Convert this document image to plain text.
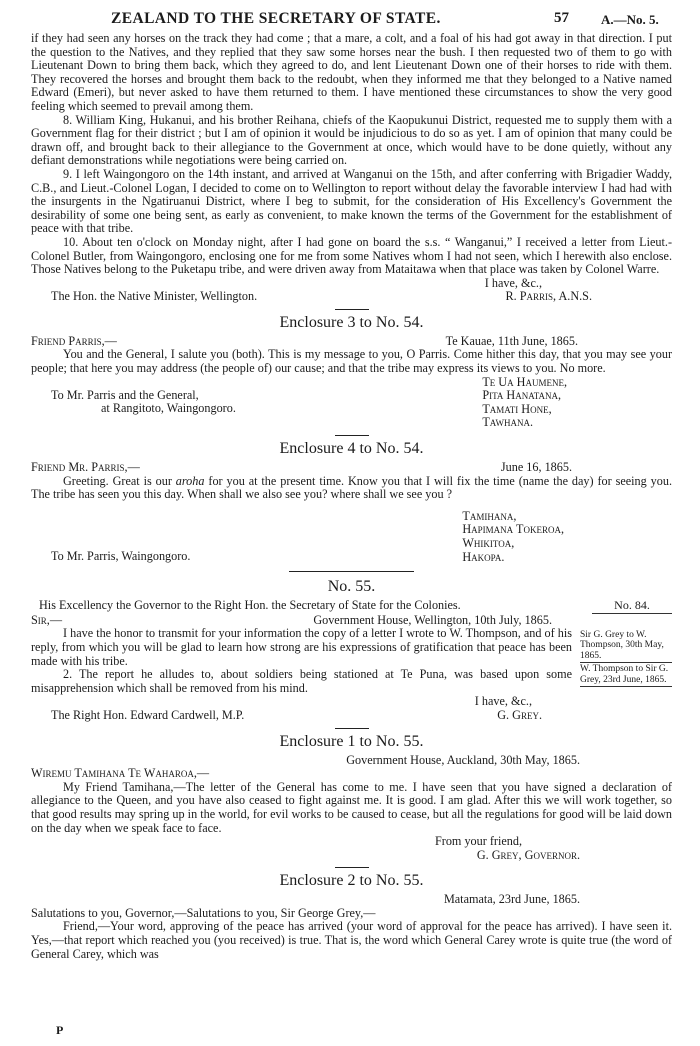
ZEALAND TO THE SECRETARY OF STATE.	57 A.—No. 5.

if they had seen any horses on the track they had come ; that a mare, a colt, and a foal of his had got away in that direction. I put the question to the Natives, and they replied that they saw some horses near the bush. I then requested two of them to go with Lieutenant Down to bring them back, which they agreed to do, and lent Lieutenant Down one of their horses to ride with them. They recovered the horses and brought them back to the redoubt, when they informed me that they belonged to a Native named Edward (Emeri), but never asked to have them returned to them. I have mentioned these circumstances to show the very good feeling which seemed to prevail among them.

8. William King, Hukanui, and his brother Reihana, chiefs of the Kaopukunui District, requested me to supply them with a Government flag for their district ; but I am of opinion it would be injudicious to do so as yet. I am of opinion that many could be drawn off, and brought back to their allegiance to the Government at once, which would have to be done quietly, without any defiant demonstrations while negotiations were being carried on.

9. I left Waingongoro on the 14th instant, and arrived at Wanganui on the 15th, and after conferring with Brigadier Waddy, C.B., and Lieut.-Colonel Logan, I decided to come on to Wellington to report without delay the favorable interview I had had with the insurgents in the Ngatiruanui District, where I beg to submit, for the consideration of His Excellency's Government the desirability of some one being sent, as early as convenient, to make known the terms of the Government for the establishment of peace with that tribe.

10. About ten o'clock on Monday night, after I had gone on board the s.s. “ Wanganui,” I received a letter from Lieut.-Colonel Butler, from Waingongoro, enclosing one for me from some Natives whom I had not seen, which I herewith also enclose. Those Natives belong to the Puketapu tribe, and were driven away from Mataitawa when that place was taken by Colonel Warre.

I have, &c.,
The Hon. the Native Minister, Wellington.	R. Parris, A.N.S.
Enclosure 3 to No. 54.
Friend Parris,—	Te Kauae, 11th June, 1865.

You and the General, I salute you (both). This is my message to you, O Parris. Come hither this day, that you may see your people; that here you may address (the people of) our cause; and that the tribe may express its views to you. No more.

To Mr. Parris and the General,
at Rangitoto, Waingongoro.
Te Ua Haumene,
Pita Hanatana,
Tamati Hone,
Tawhana.
Enclosure 4 to No. 54.
Friend Mr. Parris,—	June 16, 1865.

Greeting. Great is our aroha for you at the present time. Know you that I will fix the time (name the day) for seeing you. The tribe has seen you this day. When shall we also see you? where shall we see you ?

To Mr. Parris, Waingongoro.
Tamihana,
Hapimana Tokeroa,
Whikitoa,
Hakopa.
No. 55.
His Excellency the Governor to the Right Hon. the Secretary of State for the Colonies.	No. 84.
Sir,—	Government House, Wellington, 10th July, 1865.

I have the honor to transmit for your information the copy of a letter I wrote to W. Thompson, and of his reply, from which you will be glad to learn how strong are his expressions of gratification that peace has been made with his tribe.

2. The report he alludes to, about soldiers being stationed at Te Puna, was based upon some misapprehension which shall be removed from his mind.

I have, &c.,
The Right Hon. Edward Cardwell, M.P.	G. Grey.
Sir G. Grey to W. Thompson, 30th May, 1865.
W. Thompson to Sir G. Grey, 23rd June, 1865.
Enclosure 1 to No. 55.
Government House, Auckland, 30th May, 1865.
Wiremu Tamihana Te Waharoa,—

My Friend Tamihana,—The letter of the General has come to me. I have seen that you have signed a declaration of allegiance to the Queen, and you have also ceased to fight against me. It is good. I am glad. After this we will work together, so that good results may spring up in the world, for evil works to be caused to cease, but all the regulations for good will be laid down on the day when we speak face to face.

From your friend,
G. Grey, Governor.
Enclosure 2 to No. 55.
Matamata, 23rd June, 1865.
Salutations to you, Governor,—Salutations to you, Sir George Grey,—

Friend,—Your word, approving of the peace has arrived (your word of approval for the peace has arrived). I have seen it. Yes,—that report which reached you (you received) is true. That is, the word which General Carey wrote is quite true (the word of General Carey, which was

P
